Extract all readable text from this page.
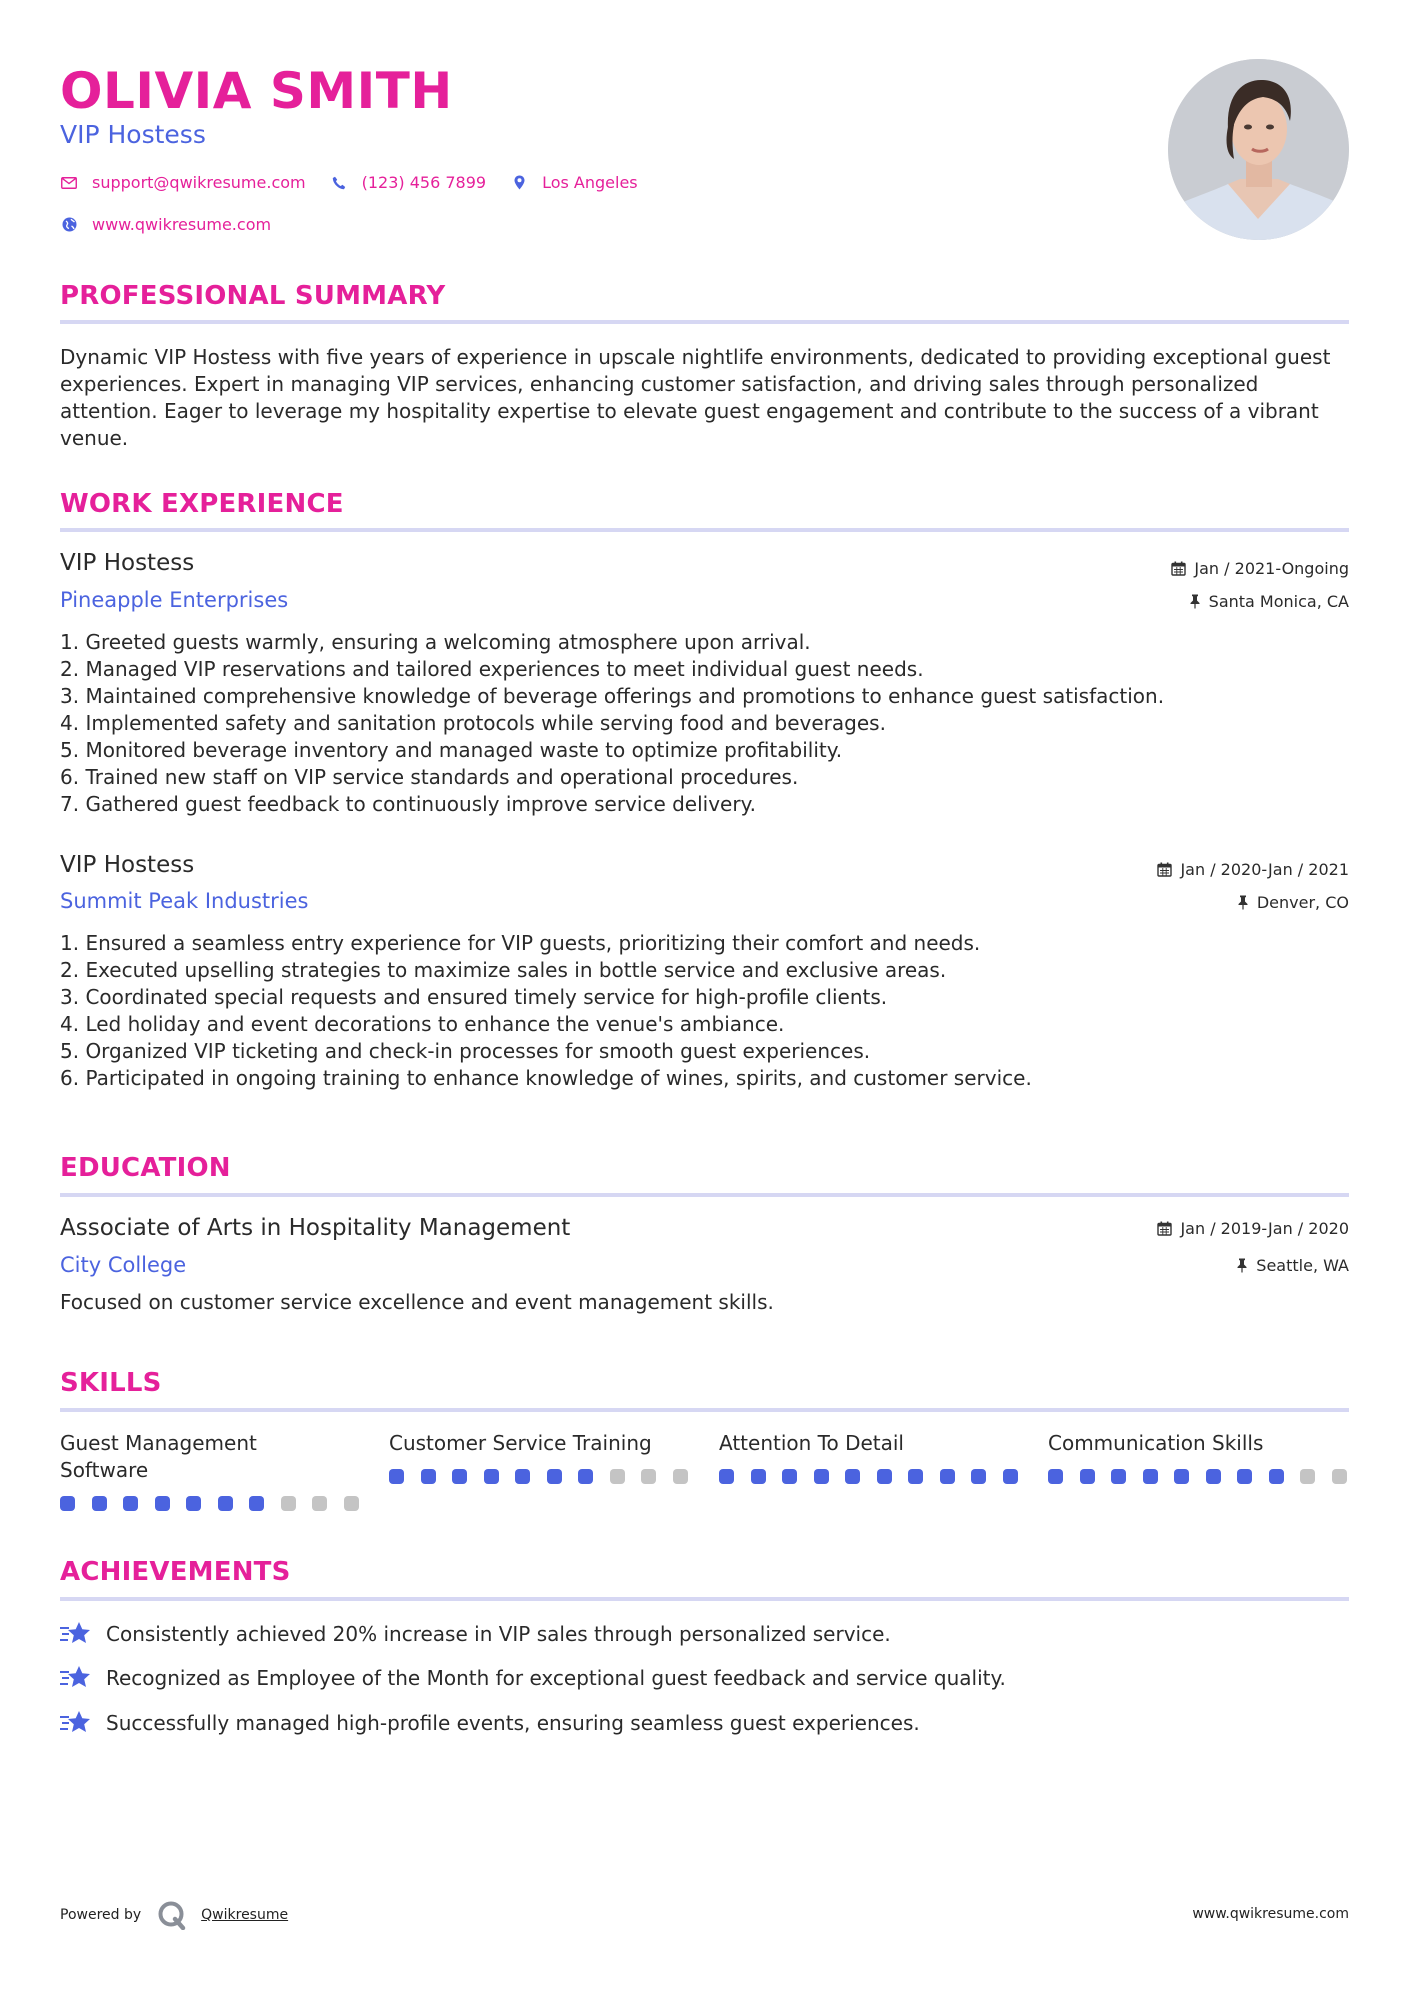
OLIVIA SMITH
VIP Hostess
support@qwikresume.com	(123) 456 7899	Los Angeles
www.qwikresume.com
PROFESSIONAL SUMMARY
Dynamic VIP Hostess with five years of experience in upscale nightlife environments, dedicated to providing exceptional guest experiences. Expert in managing VIP services, enhancing customer satisfaction, and driving sales through personalized attention. Eager to leverage my hospitality expertise to elevate guest engagement and contribute to the success of a vibrant venue.
WORK EXPERIENCE
VIP Hostess
Pineapple Enterprises
Jan / 2021-Ongoing
Santa Monica, CA
1. Greeted guests warmly, ensuring a welcoming atmosphere upon arrival.
2. Managed VIP reservations and tailored experiences to meet individual guest needs.
3. Maintained comprehensive knowledge of beverage offerings and promotions to enhance guest satisfaction.
4. Implemented safety and sanitation protocols while serving food and beverages.
5. Monitored beverage inventory and managed waste to optimize profitability.
6. Trained new staff on VIP service standards and operational procedures.
7. Gathered guest feedback to continuously improve service delivery.
VIP Hostess
Summit Peak Industries
Jan / 2020-Jan / 2021
Denver, CO
1. Ensured a seamless entry experience for VIP guests, prioritizing their comfort and needs.
2. Executed upselling strategies to maximize sales in bottle service and exclusive areas.
3. Coordinated special requests and ensured timely service for high-profile clients.
4. Led holiday and event decorations to enhance the venue's ambiance.
5. Organized VIP ticketing and check-in processes for smooth guest experiences.
6. Participated in ongoing training to enhance knowledge of wines, spirits, and customer service.
EDUCATION
Associate of Arts in Hospitality Management
City College
Jan / 2019-Jan / 2020
Seattle, WA
Focused on customer service excellence and event management skills.
SKILLS
Guest Management Software
Customer Service Training	Attention To Detail	Communication Skills
ACHIEVEMENTS
Consistently achieved 20% increase in VIP sales through personalized service.
Recognized as Employee of the Month for exceptional guest feedback and service quality.
Successfully managed high-profile events, ensuring seamless guest experiences.
Powered by	Qwikresume	www.qwikresume.com
